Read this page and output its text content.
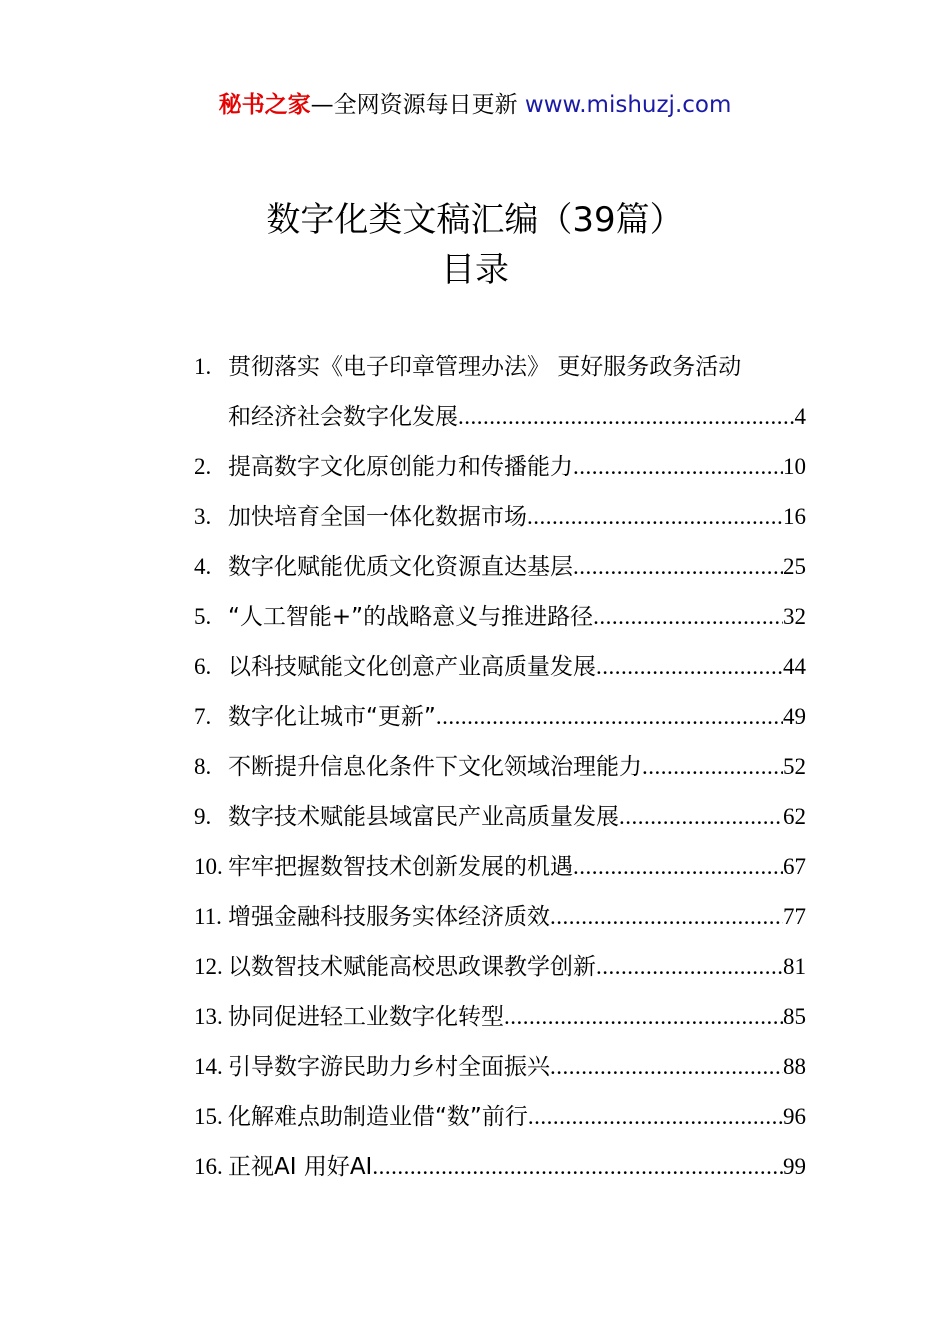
秘书之家—全网资源每日更新 www.mishuzj.com
数字化类文稿汇编（39篇）
目录
1. 贯彻落实《电子印章管理办法》 更好服务政务活动
和经济社会数字化发展 .....	4
2. 提高数字文化原创能力和传播能力 .....	10
3. 加快培育全国一体化数据市场 .....	16
4. 数字化赋能优质文化资源直达基层 .....	25
5. “人工智能+”的战略意义与推进路径 .....	32
6. 以科技赋能文化创意产业高质量发展 .....	44
7. 数字化让城市“更新” .....	49
8. 不断提升信息化条件下文化领域治理能力 .....	52
9. 数字技术赋能县域富民产业高质量发展 .....	62
10. 牢牢把握数智技术创新发展的机遇 .....	67
11. 增强金融科技服务实体经济质效 .....	77
12. 以数智技术赋能高校思政课教学创新 .....	81
13. 协同促进轻工业数字化转型 .....	85
14. 引导数字游民助力乡村全面振兴 .....	88
15. 化解难点助制造业借“数”前行 .....	96
16. 正视AI 用好AI .....	99
